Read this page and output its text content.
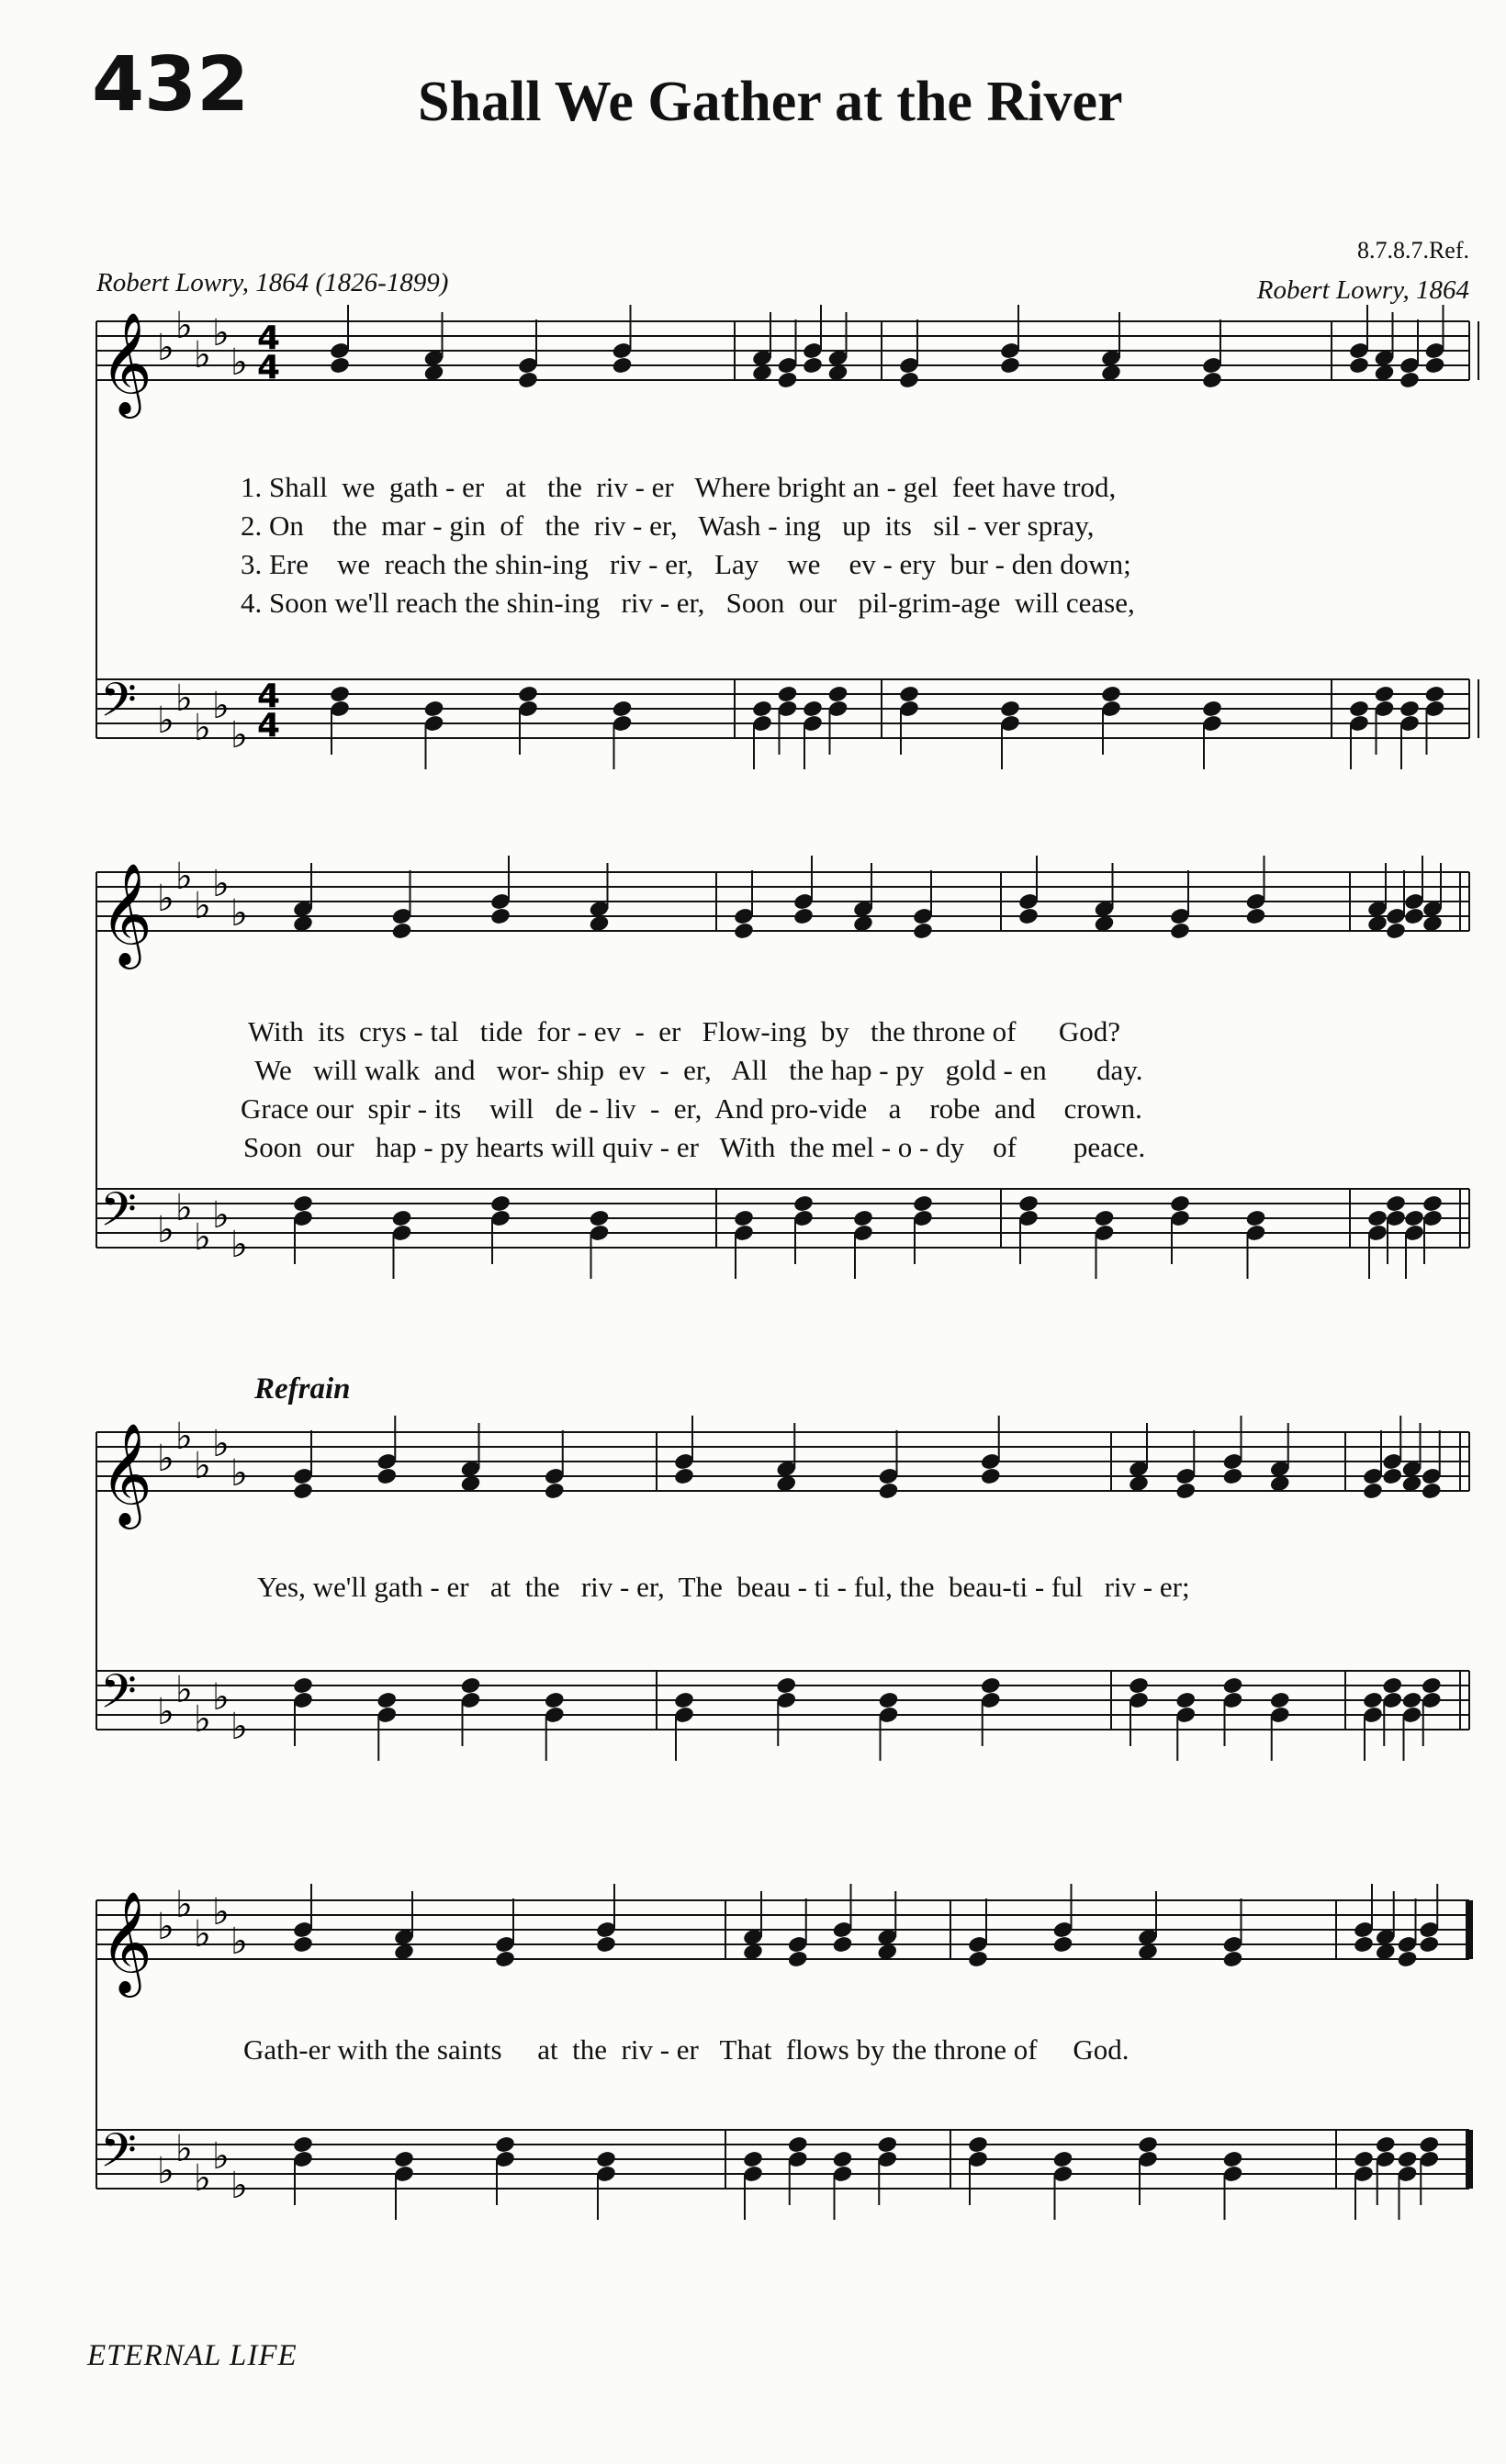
432	Shall We Gather at the River
8.7.8.7.Ref.
Robert Lowry, 1864 (1826-1899)	Robert Lowry, 1864
Refrain
ETERNAL LIFE
1. Shall  we  gath - er   at   the  riv - er   Where bright an - gel  feet have trod,
2. On    the  mar - gin  of   the  riv - er,   Wash - ing   up  its   sil - ver spray,
3. Ere    we  reach the shin-ing   riv - er,   Lay    we    ev - ery  bur - den down;
4. Soon we'll reach the shin-ing   riv - er,   Soon  our   pil-grim-age  will cease,
With  its  crys - tal   tide  for - ev  -  er   Flow-ing  by   the throne of      God?
We   will walk  and   wor- ship  ev  -  er,   All   the hap - py   gold - en       day.
Grace our  spir - its    will   de - liv  -  er,  And pro-vide   a    robe  and    crown.
Soon  our   hap - py hearts will quiv - er   With  the mel - o - dy    of        peace.
Yes, we'll gath - er   at  the   riv - er,  The  beau - ti - ful, the  beau-ti - ful   riv - er;
Gath-er with the saints     at  the  riv - er   That  flows by the throne of     God.
𝄞 ♭
♭
♭
♭
♭
4
4
𝄢 ♭
♭
♭
♭
♭
4
4
𝄞 ♭
♭
♭
♭
♭
𝄢 ♭
♭
♭
♭
♭
𝄞 ♭
♭
♭
♭
♭
𝄢 ♭
♭
♭
♭
♭
𝄞 ♭
♭
♭
♭
♭
𝄢 ♭
♭
♭
♭
♭
